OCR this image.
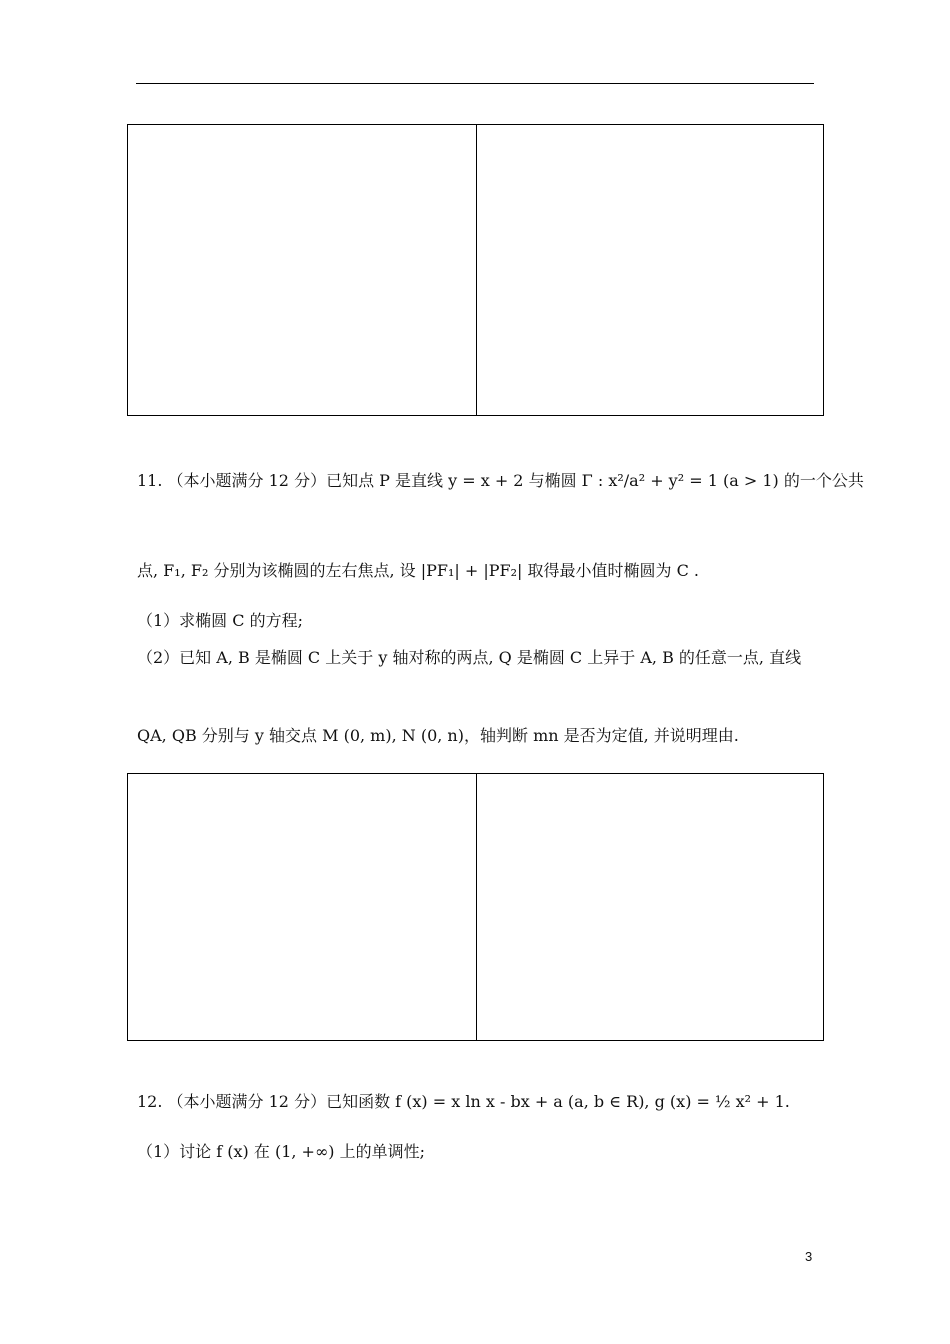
11. （本小题满分 12 分）已知点 P 是直线 y = x + 2 与椭圆 Γ : x²/a² + y² = 1 (a > 1) 的一个公共
点, F₁, F₂ 分别为该椭圆的左右焦点, 设 |PF₁| + |PF₂| 取得最小值时椭圆为 C .
（1）求椭圆 C 的方程;
（2）已知 A, B 是椭圆 C 上关于 y 轴对称的两点, Q 是椭圆 C 上异于 A, B 的任意一点, 直线
QA, QB 分别与 y 轴交点 M (0, m), N (0, n)，轴判断 mn 是否为定值, 并说明理由.
12. （本小题满分 12 分）已知函数 f (x) = x ln x - bx + a (a, b ∈ R), g (x) = ½ x² + 1.
（1）讨论 f (x) 在 (1, +∞) 上的单调性;
3
